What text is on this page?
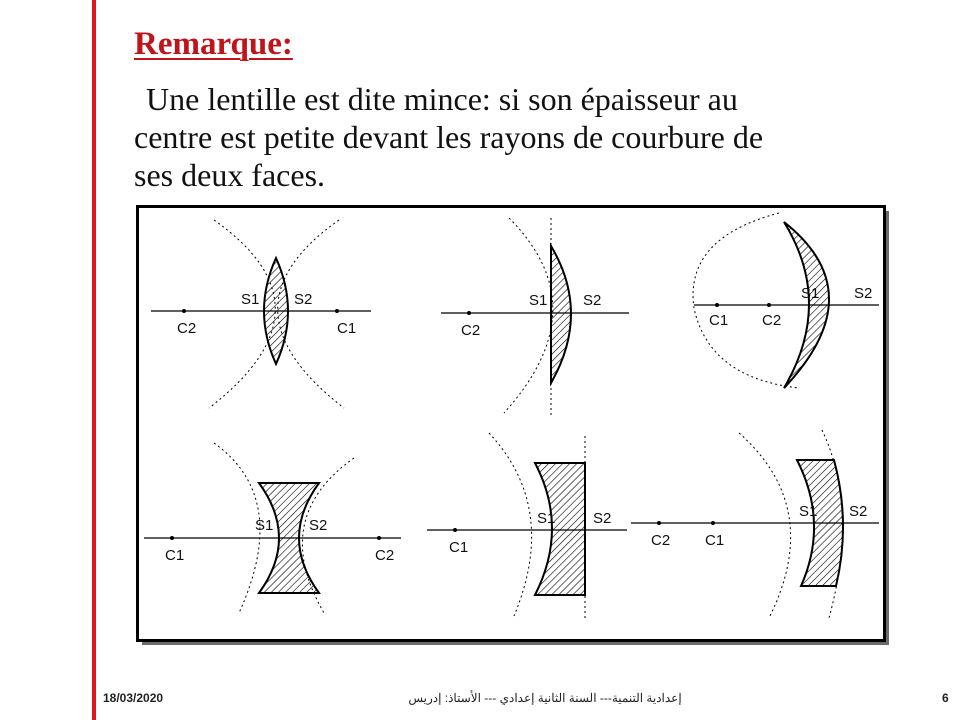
Remarque:
Une lentille est dite mince: si son épaisseur au
centre est petite devant les rayons de courbure de
ses deux faces.
S1 S2
C2	C1
S1 S2
C2
S1 S2
C1 C2
S1 S2
C1	C2
S1	S2
C1
S1 S2
C2 C1
18/03/2020	إعدادية التنمية--- السنة الثانية إعدادي --- الأستاذ: إدريس	6
